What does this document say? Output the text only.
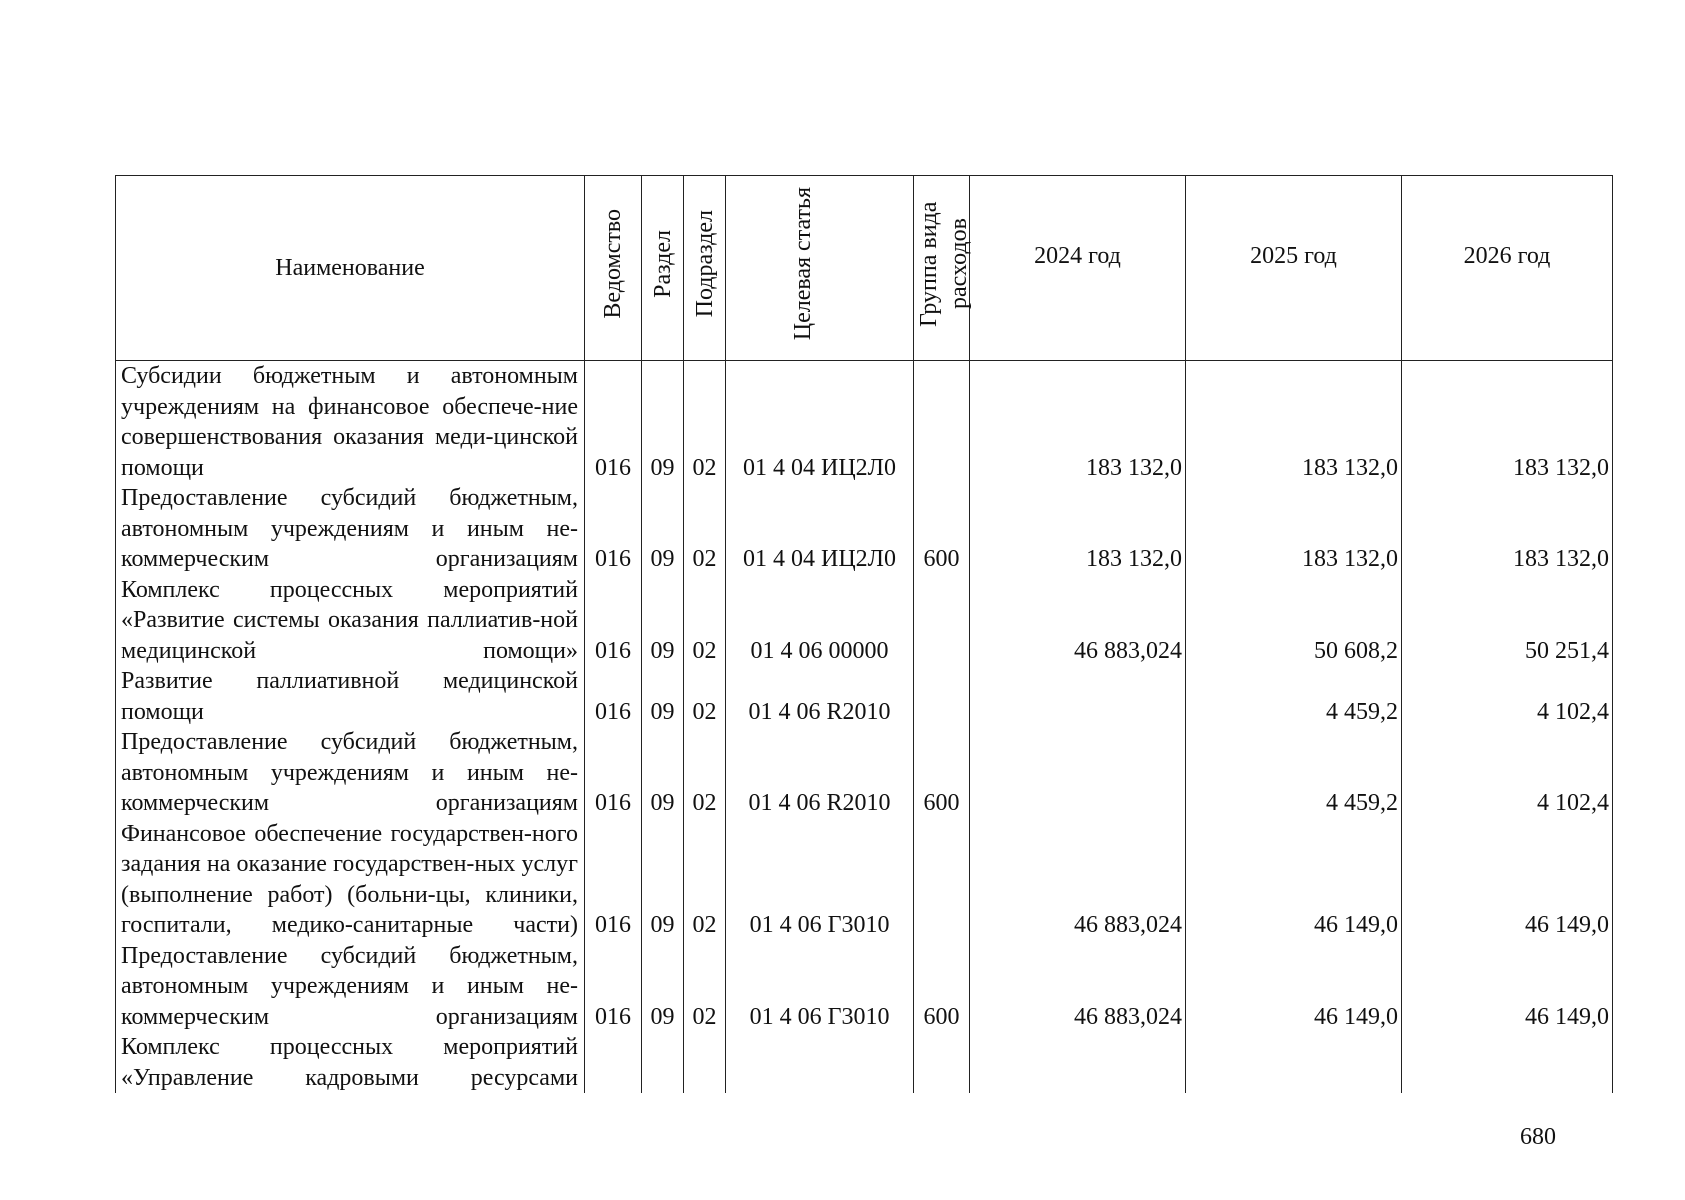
Наименование	Ведомство	Раздел	Подраздел	Целевая статья	Группа вида расходов	2024 год	2025 год	2026 год
Субсидии бюджетным и автономным учреждениям на финансовое обеспече-ние совершенствования оказания меди-цинской помощи	016	09	02	01 4 04 ИЦ2Л0		183 132,0	183 132,0	183 132,0
Предоставление субсидий бюджетным, автономным учреждениям и иным не-коммерческим организациям	016	09	02	01 4 04 ИЦ2Л0	600	183 132,0	183 132,0	183 132,0
Комплекс процессных мероприятий «Развитие системы оказания паллиатив-ной медицинской помощи»	016	09	02	01 4 06 00000		46 883,024	50 608,2	50 251,4
Развитие паллиативной медицинской помощи	016	09	02	01 4 06 R2010			4 459,2	4 102,4
Предоставление субсидий бюджетным, автономным учреждениям и иным не-коммерческим организациям	016	09	02	01 4 06 R2010	600		4 459,2	4 102,4
Финансовое обеспечение государствен-ного задания на оказание государствен-ных услуг (выполнение работ) (больни-цы, клиники, госпитали, медико-санитарные части)	016	09	02	01 4 06 Г3010		46 883,024	46 149,0	46 149,0
Предоставление субсидий бюджетным, автономным учреждениям и иным не-коммерческим организациям	016	09	02	01 4 06 Г3010	600	46 883,024	46 149,0	46 149,0
Комплекс процессных мероприятий «Управление кадровыми ресурсами								
680
